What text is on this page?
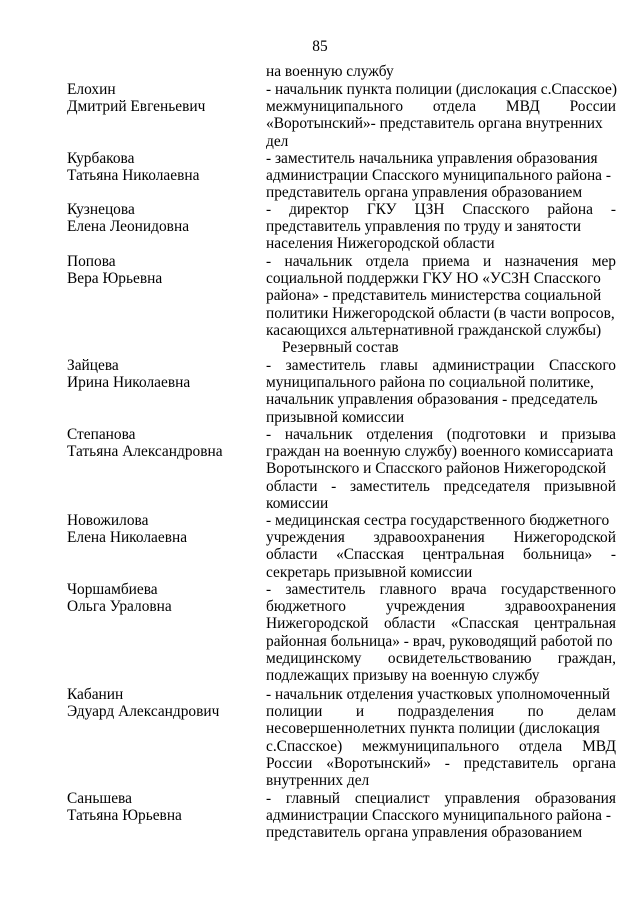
85
на военную службу
Елохин
Дмитрий Евгеньевич
- начальник пункта полиции (дислокация с.Спасское)
межмуниципального отдела МВД России
«Воротынский»- представитель органа внутренних
дел
Курбакова
Татьяна Николаевна
- заместитель начальника управления образования
администрации Спасского муниципального района -
представитель органа управления образованием
Кузнецова
Елена Леонидовна
- директор ГКУ ЦЗН Спасского района -
представитель управления по труду и занятости
населения Нижегородской области
Попова
Вера Юрьевна
- начальник отдела приема и назначения мер
социальной поддержки ГКУ НО «УСЗН Спасского
района» - представитель министерства социальной
политики Нижегородской области (в части вопросов,
касающихся альтернативной гражданской службы)
Резервный состав
Зайцева
Ирина Николаевна
- заместитель главы администрации Спасского
муниципального района по социальной политике,
начальник управления образования - председатель
призывной комиссии
Степанова
Татьяна Александровна
- начальник отделения (подготовки и призыва
граждан на военную службу) военного комиссариата
Воротынского и Спасского районов Нижегородской
области - заместитель председателя призывной
комиссии
Новожилова
Елена Николаевна
- медицинская сестра государственного бюджетного
учреждения здравоохранения Нижегородской
области «Спасская центральная больница» -
секретарь призывной комиссии
Чоршамбиева
Ольга Ураловна
- заместитель главного врача государственного
бюджетного учреждения здравоохранения
Нижегородской области «Спасская центральная
районная больница» - врач, руководящий работой по
медицинскому освидетельствованию граждан,
подлежащих призыву на военную службу
Кабанин
Эдуард Александрович
- начальник отделения участковых уполномоченный
полиции и подразделения по делам
несовершеннолетних пункта полиции (дислокация
с.Спасское) межмуниципального отдела МВД
России «Воротынский» - представитель органа
внутренних дел
Саньшева
Татьяна Юрьевна
- главный специалист управления образования
администрации Спасского муниципального района -
представитель органа управления образованием
